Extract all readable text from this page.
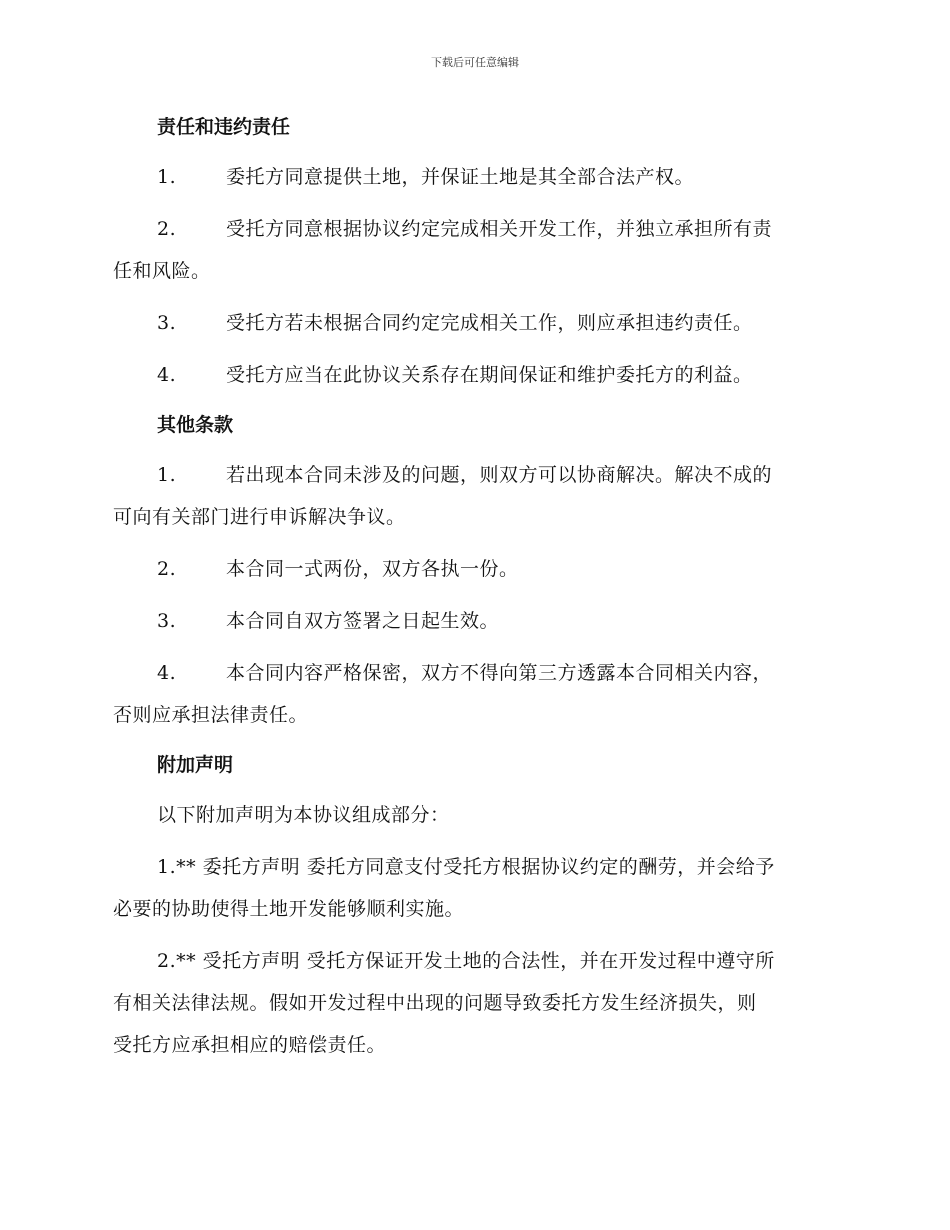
下载后可任意编辑
责任和违约责任

1.	委托方同意提供土地，并保证土地是其全部合法产权。

2.	受托方同意根据协议约定完成相关开发工作，并独立承担所有责

任和风险。

3.	受托方若未根据合同约定完成相关工作，则应承担违约责任。

4.	受托方应当在此协议关系存在期间保证和维护委托方的利益。

其他条款

1.	若出现本合同未涉及的问题，则双方可以协商解决。解决不成的

可向有关部门进行申诉解决争议。

2.	本合同一式两份，双方各执一份。

3.	本合同自双方签署之日起生效。

4.	本合同内容严格保密，双方不得向第三方透露本合同相关内容，

否则应承担法律责任。

附加声明

以下附加声明为本协议组成部分：

1.** 委托方声明 委托方同意支付受托方根据协议约定的酬劳，并会给予

必要的协助使得土地开发能够顺利实施。

2.** 受托方声明 受托方保证开发土地的合法性，并在开发过程中遵守所

有相关法律法规。假如开发过程中出现的问题导致委托方发生经济损失，则

受托方应承担相应的赔偿责任。
